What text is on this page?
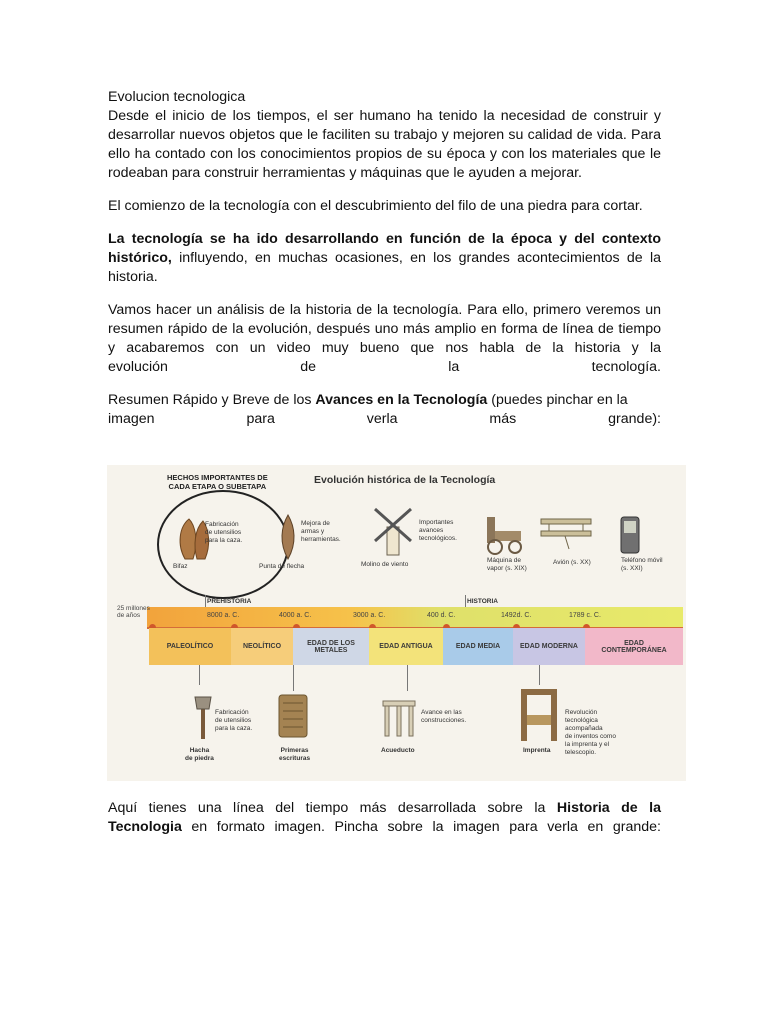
Evolucion tecnologica

Desde el inicio de los tiempos, el ser humano ha tenido la necesidad de construir y desarrollar nuevos objetos que le faciliten su trabajo y mejoren su calidad de vida. Para ello ha contado con los conocimientos propios de su época y con los materiales que le rodeaban para construir herramientas y máquinas que le ayuden a mejorar.

El comienzo de la tecnología con el descubrimiento del filo de una piedra para cortar.

La tecnología se ha ido desarrollando en función de la época y del contexto histórico, influyendo, en muchas ocasiones, en los grandes acontecimientos de la historia.

Vamos hacer un análisis de la historia de la tecnología. Para ello, primero veremos un resumen rápido de la evolución, después uno más amplio en forma de línea de tiempo y acabaremos con un video muy bueno que nos habla de la historia y la

evolución de la tecnología.

Resumen Rápido y Breve de los Avances en la Tecnología (puedes pinchar en la

imagen para verla más grande):

HECHOS IMPORTANTES DE
CADA ETAPA O SUBETAPA	Evolución histórica de la Tecnología
Fabricación
de utensilios
para la caza.
Bifaz
Mejora de
armas y
herramientas.
Punta de flecha
Importantes
avances
tecnológicos.
Molino de viento
Máquina de
vapor (s. XIX)
Avión (s. XX)	Teléfono móvil
(s. XXI)
PREHISTORIA	HISTORIA
25 millones
de años	8000 a. C.	4000 a. C.	3000 a. C.	400 d. C.	1492d. C.	1789 c. C.
PALEOLÍTICO	NEOLÍTICO	EDAD DE LOS
METALES	EDAD ANTIGUA	EDAD MEDIA	EDAD MODERNA	EDAD
CONTEMPORÁNEA
Fabricación
de utensilios
para la caza.
Hacha
de piedra
Primeras
escrituras
Avance en las
construcciones.
Acueducto	Imprenta
Revolución
tecnológica
acompañada
de inventos como
la imprenta y el
telescopio.

Aquí tienes una línea del tiempo más desarrollada sobre la Historia de la

Tecnologia en formato imagen. Pincha sobre la imagen para verla en grande:
